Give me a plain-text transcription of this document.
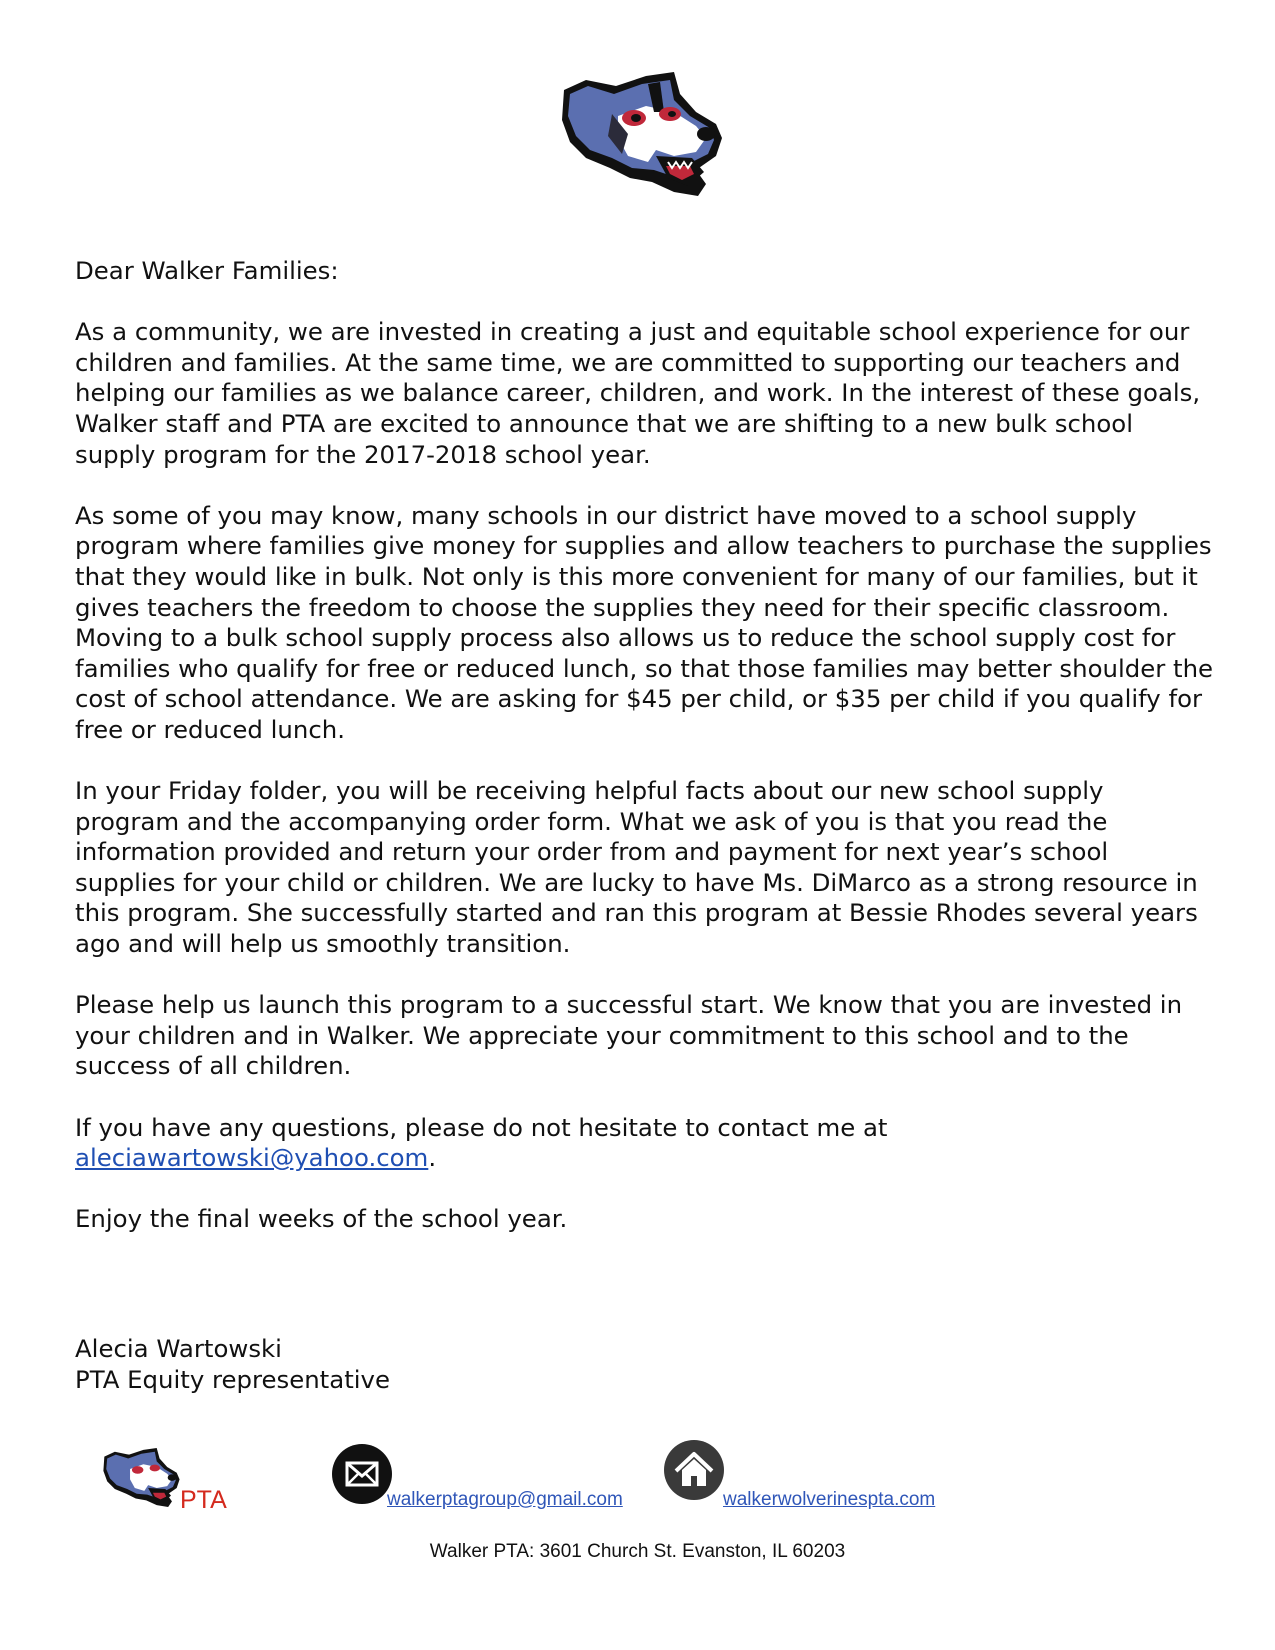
Dear Walker Families:

As a community, we are invested in creating a just and equitable school experience for our children and families. At the same time, we are committed to supporting our teachers and helping our families as we balance career, children, and work. In the interest of these goals, Walker staff and PTA are excited to announce that we are shifting to a new bulk school supply program for the 2017-2018 school year.

As some of you may know, many schools in our district have moved to a school supply program where families give money for supplies and allow teachers to purchase the supplies that they would like in bulk. Not only is this more convenient for many of our families, but it gives teachers the freedom to choose the supplies they need for their specific classroom. Moving to a bulk school supply process also allows us to reduce the school supply cost for families who qualify for free or reduced lunch, so that those families may better shoulder the cost of school attendance. We are asking for $45 per child, or $35 per child if you qualify for free or reduced lunch.

In your Friday folder, you will be receiving helpful facts about our new school supply program and the accompanying order form. What we ask of you is that you read the information provided and return your order from and payment for next year’s school supplies for your child or children. We are lucky to have Ms. DiMarco as a strong resource in this program. She successfully started and ran this program at Bessie Rhodes several years ago and will help us smoothly transition.

Please help us launch this program to a successful start. We know that you are invested in your children and in Walker. We appreciate your commitment to this school and to the success of all children.

If you have any questions, please do not hesitate to contact me at
aleciawartowski@yahoo.com.

Enjoy the final weeks of the school year.

Alecia Wartowski
PTA Equity representative
PTA	walkerptagroup@gmail.com	walkerwolverinespta.com
Walker PTA: 3601 Church St. Evanston, IL 60203
